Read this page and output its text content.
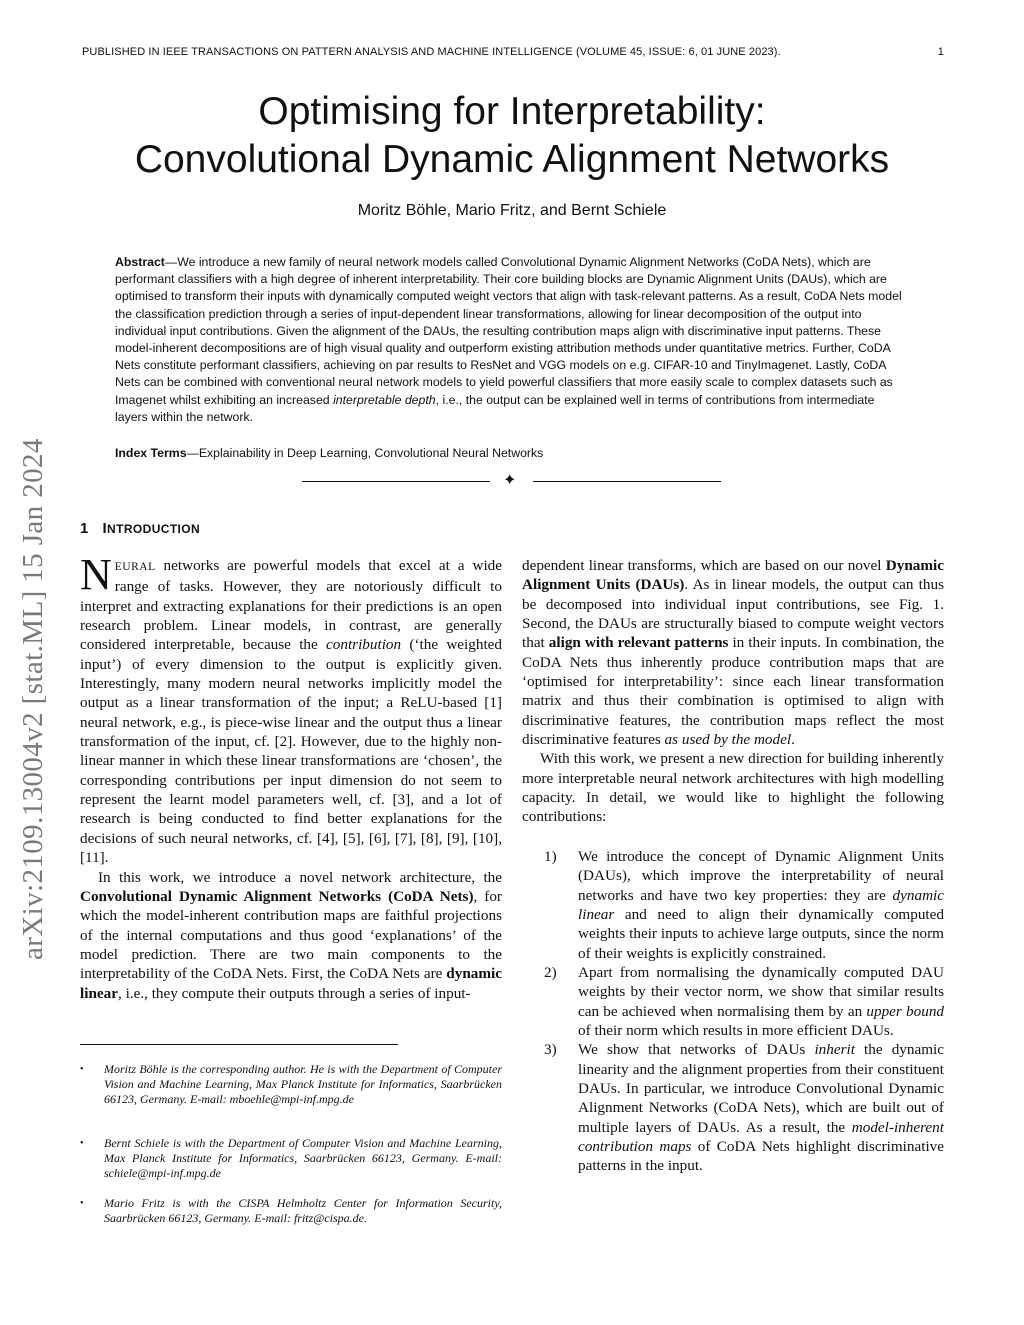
PUBLISHED IN IEEE TRANSACTIONS ON PATTERN ANALYSIS AND MACHINE INTELLIGENCE (VOLUME 45, ISSUE: 6, 01 JUNE 2023).	1
Optimising for Interpretability:
Convolutional Dynamic Alignment Networks
Moritz Böhle, Mario Fritz, and Bernt Schiele
Abstract—We introduce a new family of neural network models called Convolutional Dynamic Alignment Networks (CoDA Nets), which are performant classifiers with a high degree of inherent interpretability. Their core building blocks are Dynamic Alignment Units (DAUs), which are optimised to transform their inputs with dynamically computed weight vectors that align with task-relevant patterns. As a result, CoDA Nets model the classification prediction through a series of input-dependent linear transformations, allowing for linear decomposition of the output into individual input contributions. Given the alignment of the DAUs, the resulting contribution maps align with discriminative input patterns. These model-inherent decompositions are of high visual quality and outperform existing attribution methods under quantitative metrics. Further, CoDA Nets constitute performant classifiers, achieving on par results to ResNet and VGG models on e.g. CIFAR-10 and TinyImagenet. Lastly, CoDA Nets can be combined with conventional neural network models to yield powerful classifiers that more easily scale to complex datasets such as Imagenet whilst exhibiting an increased interpretable depth, i.e., the output can be explained well in terms of contributions from intermediate layers within the network.
Index Terms—Explainability in Deep Learning, Convolutional Neural Networks
✦
arXiv:2109.13004v2 [stat.ML] 15 Jan 2024 1 INTRODUCTION

NEURAL networks are powerful models that excel at a wide range of tasks. However, they are notoriously difficult to interpret and extracting explanations for their predictions is an open research problem. Linear models, in contrast, are generally considered interpretable, because the contribution (‘the weighted input’) of every dimension to the output is explicitly given. Interestingly, many modern neural networks implicitly model the output as a linear transformation of the input; a ReLU-based [1] neural network, e.g., is piece-wise linear and the output thus a linear transformation of the input, cf. [2]. However, due to the highly non-linear manner in which these linear transformations are ‘chosen’, the corresponding contributions per input dimension do not seem to represent the learnt model parameters well, cf. [3], and a lot of research is being conducted to find better explanations for the decisions of such neural networks, cf. [4], [5], [6], [7], [8], [9], [10], [11].

In this work, we introduce a novel network architecture, the Convolutional Dynamic Alignment Networks (CoDA Nets), for which the model-inherent contribution maps are faithful projections of the internal computations and thus good ‘explanations’ of the model prediction. There are two main components to the interpretability of the CoDA Nets. First, the CoDA Nets are dynamic linear, i.e., they compute their outputs through a series of input-

dependent linear transforms, which are based on our novel Dynamic Alignment Units (DAUs). As in linear models, the output can thus be decomposed into individual input contributions, see Fig. 1. Second, the DAUs are structurally biased to compute weight vectors that align with relevant patterns in their inputs. In combination, the CoDA Nets thus inherently produce contribution maps that are ‘optimised for interpretability’: since each linear transformation matrix and thus their combination is optimised to align with discriminative features, the contribution maps reflect the most discriminative features as used by the model.

With this work, we present a new direction for building inherently more interpretable neural network architectures with high modelling capacity. In detail, we would like to highlight the following contributions:

1) We introduce the concept of Dynamic Alignment Units (DAUs), which improve the interpretability of neural networks and have two key properties: they are dynamic linear and need to align their dynamically computed weights their inputs to achieve large outputs, since the norm of their weights is explicitly constrained.
2) Apart from normalising the dynamically computed DAU weights by their vector norm, we show that similar results can be achieved when normalising them by an upper bound of their norm which results in more efficient DAUs.
3) We show that networks of DAUs inherit the dynamic linearity and the alignment properties from their constituent DAUs. In particular, we introduce Convolutional Dynamic Alignment Networks (CoDA Nets), which are built out of multiple layers of DAUs. As a result, the model-inherent contribution maps of CoDA Nets highlight discriminative patterns in the input.
• Moritz Böhle is the corresponding author. He is with the Department of Computer Vision and Machine Learning, Max Planck Institute for Informatics, Saarbrücken 66123, Germany. E-mail: mboehle@mpi-inf.mpg.de
• Bernt Schiele is with the Department of Computer Vision and Machine Learning, Max Planck Institute for Informatics, Saarbrücken 66123, Germany. E-mail: schiele@mpi-inf.mpg.de
• Mario Fritz is with the CISPA Helmholtz Center for Information Security, Saarbrücken 66123, Germany. E-mail: fritz@cispa.de.
